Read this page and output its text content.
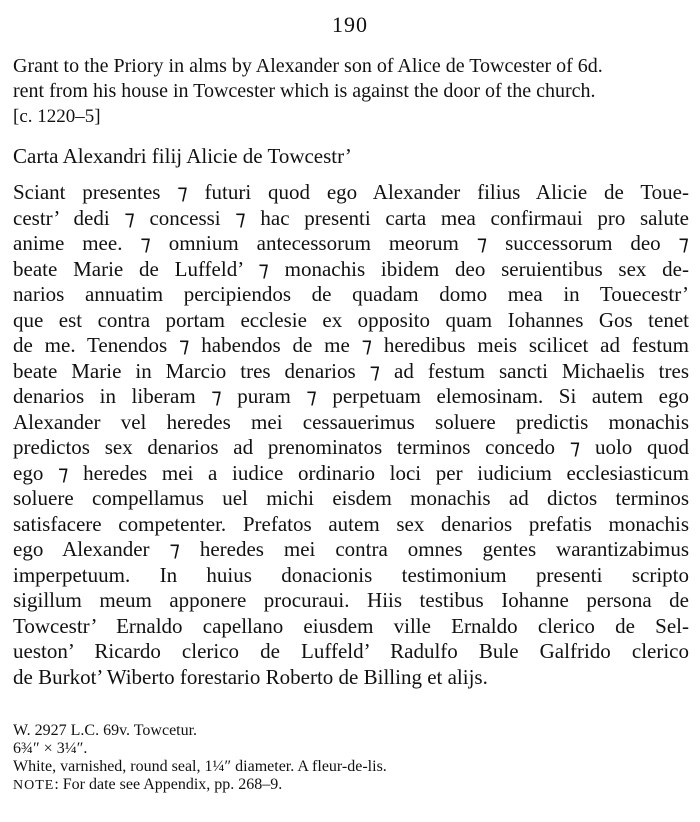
190
Grant to the Priory in alms by Alexander son of Alice de Towcester of 6d.
rent from his house in Towcester which is against the door of the church.
[c. 1220–5]
Carta Alexandri filij Alicie de Towcestr’
Sciant presentes ⁊ futuri quod ego Alexander filius Alicie de Toue-
cestr’ dedi ⁊ concessi ⁊ hac presenti carta mea confirmaui pro salute
anime mee. ⁊ omnium antecessorum meorum ⁊ successorum deo ⁊
beate Marie de Luffeld’ ⁊ monachis ibidem deo seruientibus sex de-
narios annuatim percipiendos de quadam domo mea in Touecestr’
que est contra portam ecclesie ex opposito quam Iohannes Gos tenet
de me. Tenendos ⁊ habendos de me ⁊ heredibus meis scilicet ad festum
beate Marie in Marcio tres denarios ⁊ ad festum sancti Michaelis tres
denarios in liberam ⁊ puram ⁊ perpetuam elemosinam. Si autem ego
Alexander vel heredes mei cessauerimus soluere predictis monachis
predictos sex denarios ad prenominatos terminos concedo ⁊ uolo quod
ego ⁊ heredes mei a iudice ordinario loci per iudicium ecclesiasticum
soluere compellamus uel michi eisdem monachis ad dictos terminos
satisfacere competenter. Prefatos autem sex denarios prefatis monachis
ego Alexander ⁊ heredes mei contra omnes gentes warantizabimus
imperpetuum. In huius donacionis testimonium presenti scripto
sigillum meum apponere procuraui. Hiis testibus Iohanne persona de
Towcestr’ Ernaldo capellano eiusdem ville Ernaldo clerico de Sel-
ueston’ Ricardo clerico de Luffeld’ Radulfo Bule Galfrido clerico
de Burkot’ Wiberto forestario Roberto de Billing et alijs.
W. 2927 L.C. 69v. Towcetur.
6¾″ × 3¼″.
White, varnished, round seal, 1¼″ diameter. A fleur-de-lis.
NOTE: For date see Appendix, pp. 268–9.
